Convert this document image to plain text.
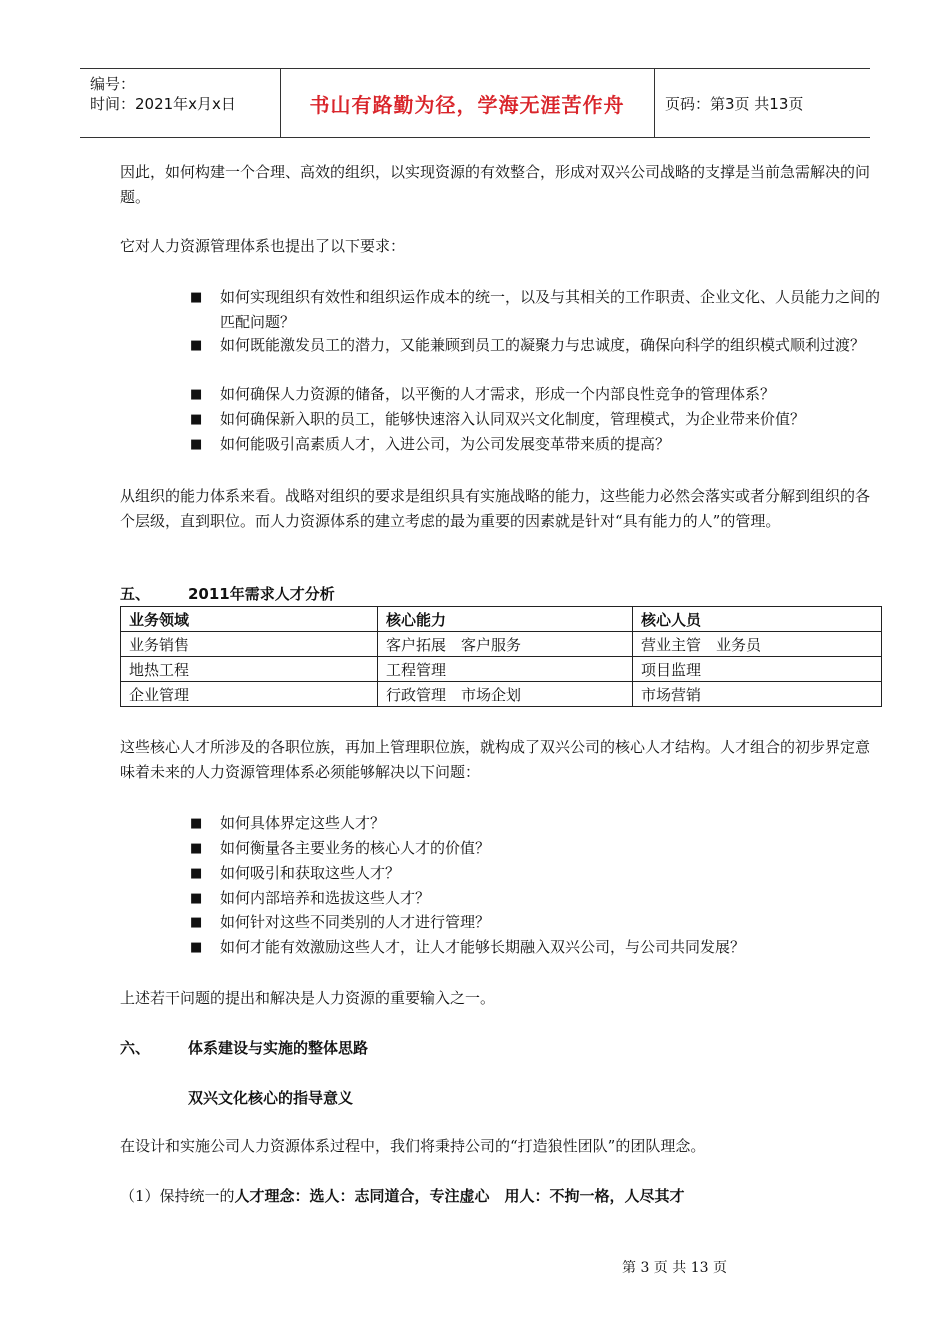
编号：
时间：2021年x月x日	书山有路勤为径，学海无涯苦作舟	页码：第3页 共13页
因此，如何构建一个合理、高效的组织，以实现资源的有效整合，形成对双兴公司战略的支撑是当前急需解决的问题。
它对人力资源管理体系也提出了以下要求：
■ 如何实现组织有效性和组织运作成本的统一，以及与其相关的工作职责、企业文化、人员能力之间的匹配问题？
■ 如何既能激发员工的潜力，又能兼顾到员工的凝聚力与忠诚度，确保向科学的组织模式顺利过渡？
■ 如何确保人力资源的储备，以平衡的人才需求，形成一个内部良性竞争的管理体系？
■ 如何确保新入职的员工，能够快速溶入认同双兴文化制度，管理模式，为企业带来价值？
■ 如何能吸引高素质人才，入进公司，为公司发展变革带来质的提高？
从组织的能力体系来看。战略对组织的要求是组织具有实施战略的能力，这些能力必然会落实或者分解到组织的各个层级，直到职位。而人力资源体系的建立考虑的最为重要的因素就是针对“具有能力的人”的管理。
五、	2011年需求人才分析
业务领域	核心能力	核心人员
业务销售	客户拓展　客户服务	营业主管　业务员
地热工程	工程管理	项目监理
企业管理	行政管理　市场企划	市场营销
这些核心人才所涉及的各职位族，再加上管理职位族，就构成了双兴公司的核心人才结构。人才组合的初步界定意味着未来的人力资源管理体系必须能够解决以下问题：
■ 如何具体界定这些人才？
■ 如何衡量各主要业务的核心人才的价值？
■ 如何吸引和获取这些人才？
■ 如何内部培养和选拔这些人才？
■ 如何针对这些不同类别的人才进行管理？
■ 如何才能有效激励这些人才，让人才能够长期融入双兴公司，与公司共同发展？
上述若干问题的提出和解决是人力资源的重要输入之一。
六、	体系建设与实施的整体思路
双兴文化核心的指导意义
在设计和实施公司人力资源体系过程中，我们将秉持公司的“打造狼性团队”的团队理念。
（1）保持统一的人才理念：选人：志同道合，专注虚心　用人：不拘一格，人尽其才
第 3 页 共 13 页
